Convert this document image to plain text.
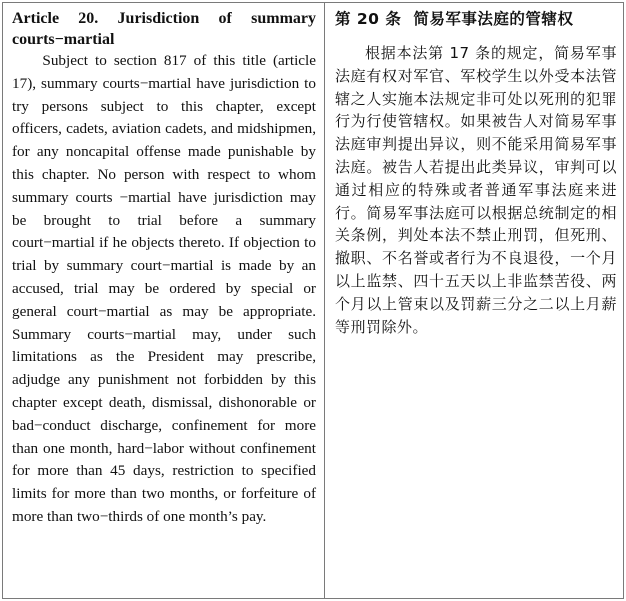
Article 20. Jurisdiction of summary courts−martial

Subject to section 817 of this title (article 17), summary courts−martial have jurisdiction to try persons subject to this chapter, except officers, cadets, aviation cadets, and midshipmen, for any noncapital offense made punishable by this chapter. No person with respect to whom summary courts −martial have jurisdiction may be brought to trial before a summary court−martial if he objects thereto. If objection to trial by summary court−martial is made by an accused, trial may be ordered by special or general court−martial as may be appropriate. Summary courts−martial may, under such limitations as the President may prescribe, adjudge any punishment not forbidden by this chapter except death, dismissal, dishonorable or bad−conduct discharge, confinement for more than one month, hard−labor without confinement for more than 45 days, restriction to specified limits for more than two months, or forfeiture of more than two−thirds of one month’s pay.

第 20 条 简易军事法庭的管辖权

根据本法第 17 条的规定，简易军事法庭有权对军官、军校学生以外受本法管辖之人实施本法规定非可处以死刑的犯罪行为行使管辖权。如果被告人对简易军事法庭审判提出异议，则不能采用简易军事法庭。被告人若提出此类异议，审判可以通过相应的特殊或者普通军事法庭来进行。简易军事法庭可以根据总统制定的相关条例，判处本法不禁止刑罚，但死刑、撤职、不名誉或者行为不良退役，一个月以上监禁、四十五天以上非监禁苦役、两个月以上管束以及罚薪三分之二以上月薪等刑罚除外。
